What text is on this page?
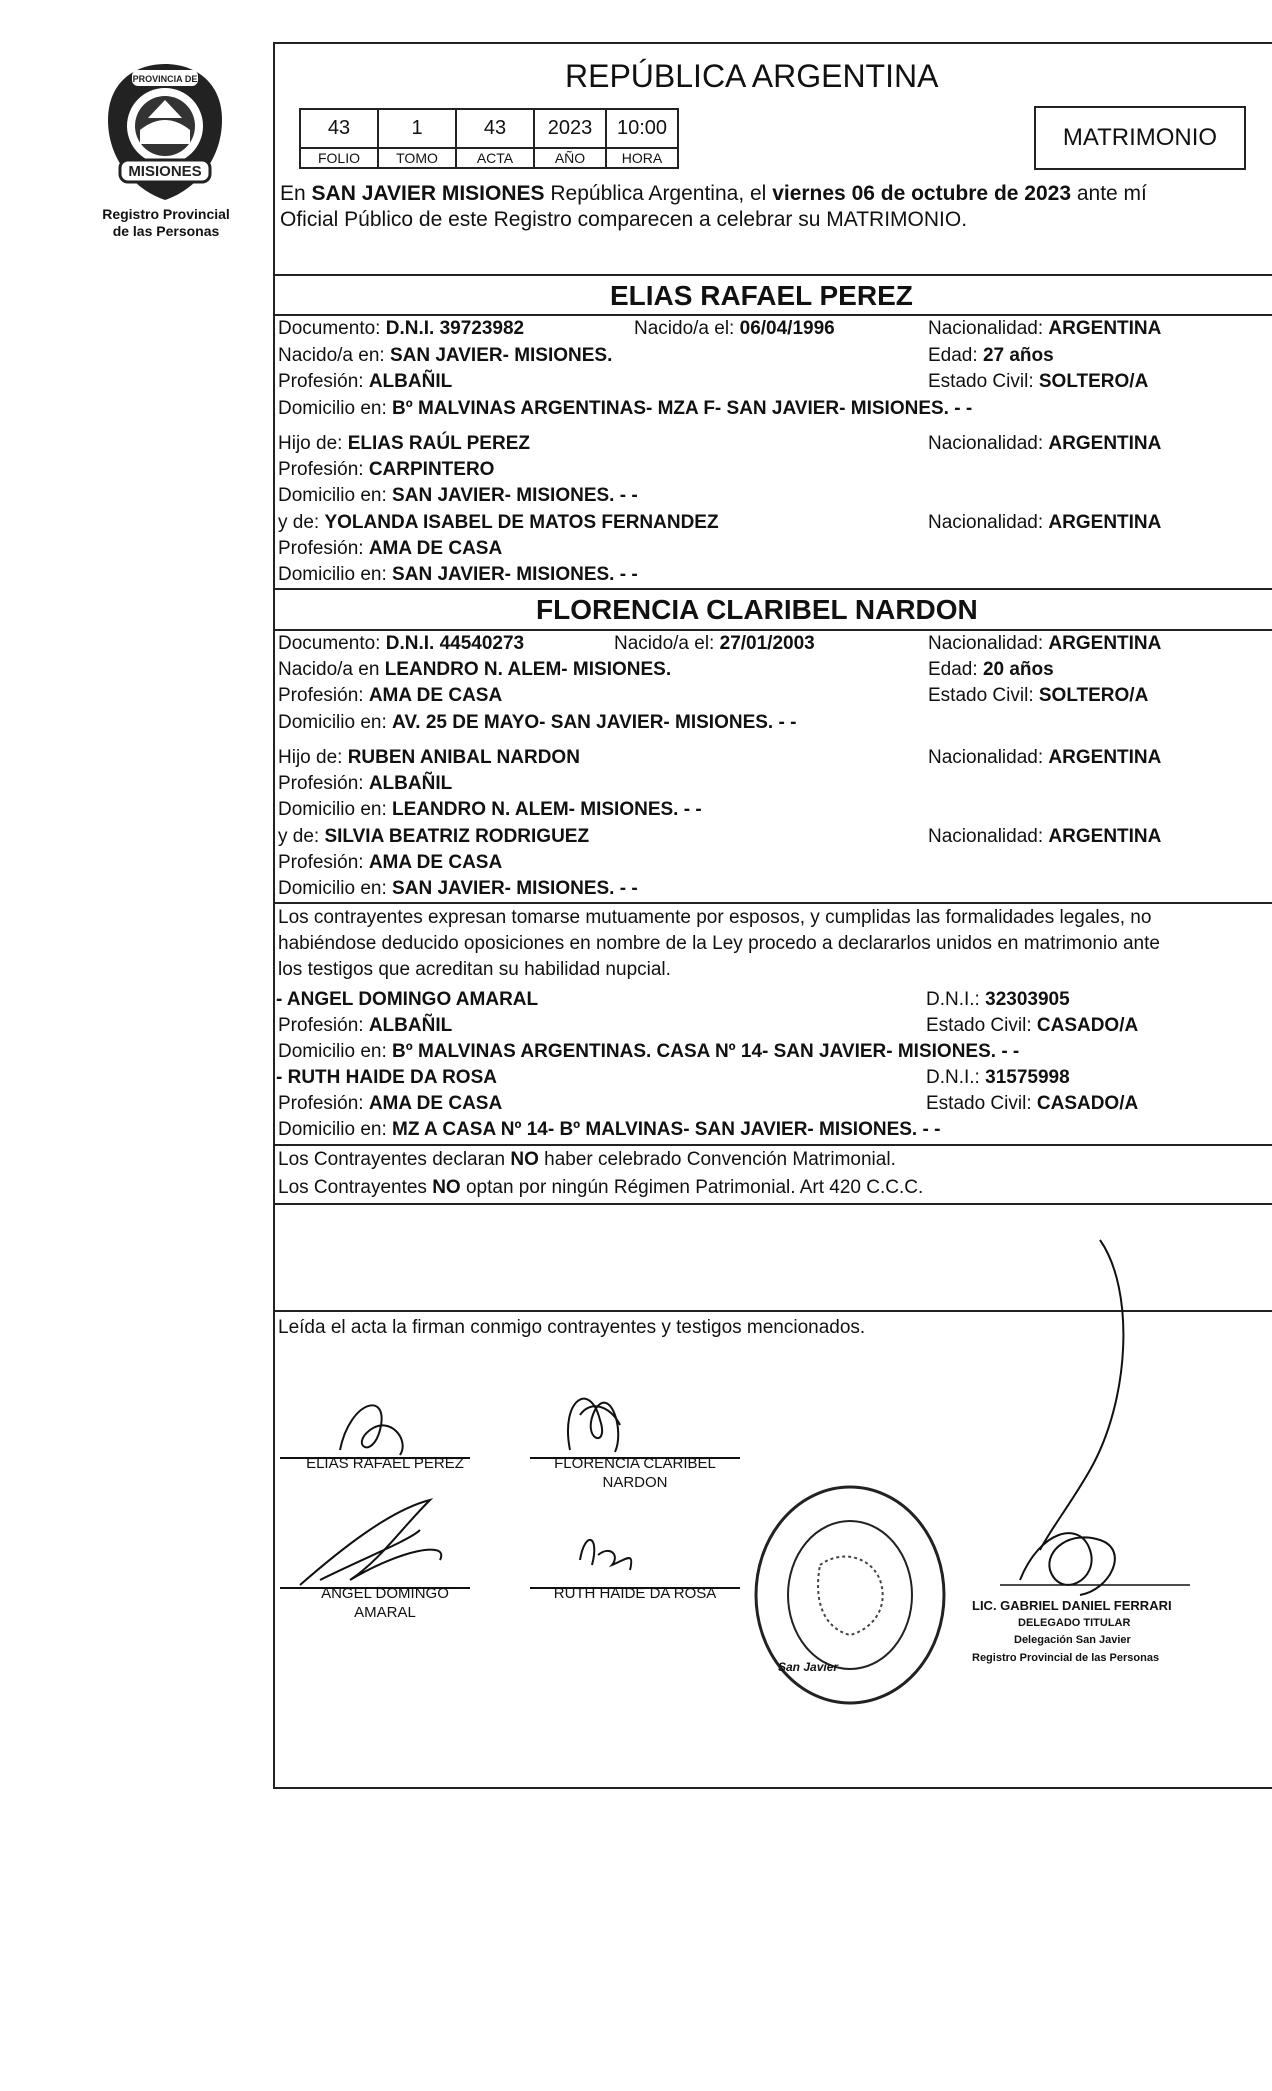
MISIONES
PROVINCIA DE
Registro Provincial
de las Personas
REPÚBLICA ARGENTINA
43	1	43	2023	10:00
FOLIO	TOMO	ACTA	AÑO	HORA
MATRIMONIO
En SAN JAVIER MISIONES República Argentina, el viernes 06 de octubre de 2023 ante mí
Oficial Público de este Registro comparecen a celebrar su MATRIMONIO.
ELIAS RAFAEL PEREZ
Documento: D.N.I. 39723982	Nacido/a el: 06/04/1996	Nacionalidad: ARGENTINA
Nacido/a en: SAN JAVIER- MISIONES.	Edad: 27 años
Profesión: ALBAÑIL	Estado Civil: SOLTERO/A
Domicilio en: Bº MALVINAS ARGENTINAS- MZA F- SAN JAVIER- MISIONES. - -
Hijo de: ELIAS RAÚL PEREZ	Nacionalidad: ARGENTINA
Profesión: CARPINTERO
Domicilio en: SAN JAVIER- MISIONES. - -
y de: YOLANDA ISABEL DE MATOS FERNANDEZ	Nacionalidad: ARGENTINA
Profesión: AMA DE CASA
Domicilio en: SAN JAVIER- MISIONES. - -
FLORENCIA CLARIBEL NARDON
Documento: D.N.I. 44540273	Nacido/a el: 27/01/2003	Nacionalidad: ARGENTINA
Nacido/a en LEANDRO N. ALEM- MISIONES.	Edad: 20 años
Profesión: AMA DE CASA	Estado Civil: SOLTERO/A
Domicilio en: AV. 25 DE MAYO- SAN JAVIER- MISIONES. - -
Hijo de: RUBEN ANIBAL NARDON	Nacionalidad: ARGENTINA
Profesión: ALBAÑIL
Domicilio en: LEANDRO N. ALEM- MISIONES. - -
y de: SILVIA BEATRIZ RODRIGUEZ	Nacionalidad: ARGENTINA
Profesión: AMA DE CASA
Domicilio en: SAN JAVIER- MISIONES. - -
Los contrayentes expresan tomarse mutuamente por esposos, y cumplidas las formalidades legales, no
habiéndose deducido oposiciones en nombre de la Ley procedo a declararlos unidos en matrimonio ante
los testigos que acreditan su habilidad nupcial.
- ANGEL DOMINGO AMARAL	D.N.I.: 32303905
Profesión: ALBAÑIL	Estado Civil: CASADO/A
Domicilio en: Bº MALVINAS ARGENTINAS. CASA Nº 14- SAN JAVIER- MISIONES. - -
- RUTH HAIDE DA ROSA	D.N.I.: 31575998
Profesión: AMA DE CASA	Estado Civil: CASADO/A
Domicilio en: MZ A CASA Nº 14- Bº MALVINAS- SAN JAVIER- MISIONES. - -
Los Contrayentes declaran NO haber celebrado Convención Matrimonial.
Los Contrayentes NO optan por ningún Régimen Patrimonial. Art 420 C.C.C.
Leída el acta la firman conmigo contrayentes y testigos mencionados.
ELIAS RAFAEL PEREZ	FLORENCIA CLARIBEL
NARDON
ANGEL DOMINGO
AMARAL
RUTH HAIDE DA ROSA
San Javier
LIC. GABRIEL DANIEL FERRARI
DELEGADO TITULAR
Delegación San Javier
Registro Provincial de las Personas
